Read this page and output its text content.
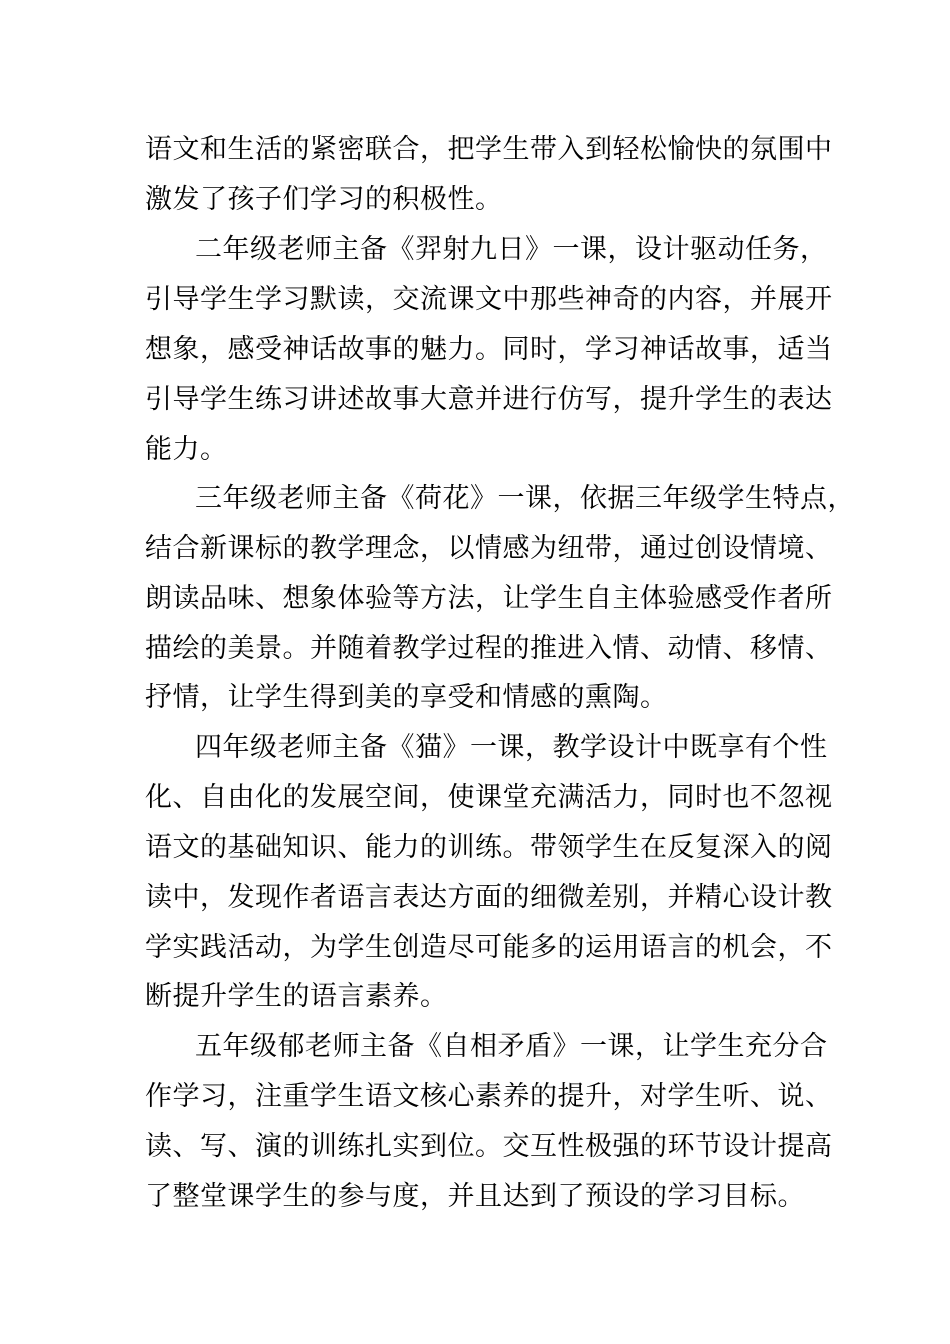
语文和生活的紧密联合，把学生带入到轻松愉快的氛围中
激发了孩子们学习的积极性。
二年级老师主备《羿射九日》一课，设计驱动任务，
引导学生学习默读，交流课文中那些神奇的内容，并展开
想象，感受神话故事的魅力。同时，学习神话故事，适当
引导学生练习讲述故事大意并进行仿写，提升学生的表达
能力。
三年级老师主备《荷花》一课，依据三年级学生特点，
结合新课标的教学理念，以情感为纽带，通过创设情境、
朗读品味、想象体验等方法，让学生自主体验感受作者所
描绘的美景。并随着教学过程的推进入情、动情、移情、
抒情，让学生得到美的享受和情感的熏陶。
四年级老师主备《猫》一课，教学设计中既享有个性
化、自由化的发展空间，使课堂充满活力，同时也不忽视
语文的基础知识、能力的训练。带领学生在反复深入的阅
读中，发现作者语言表达方面的细微差别，并精心设计教
学实践活动，为学生创造尽可能多的运用语言的机会，不
断提升学生的语言素养。
五年级郁老师主备《自相矛盾》一课，让学生充分合
作学习，注重学生语文核心素养的提升，对学生听、说、
读、写、演的训练扎实到位。交互性极强的环节设计提高
了整堂课学生的参与度，并且达到了预设的学习目标。
